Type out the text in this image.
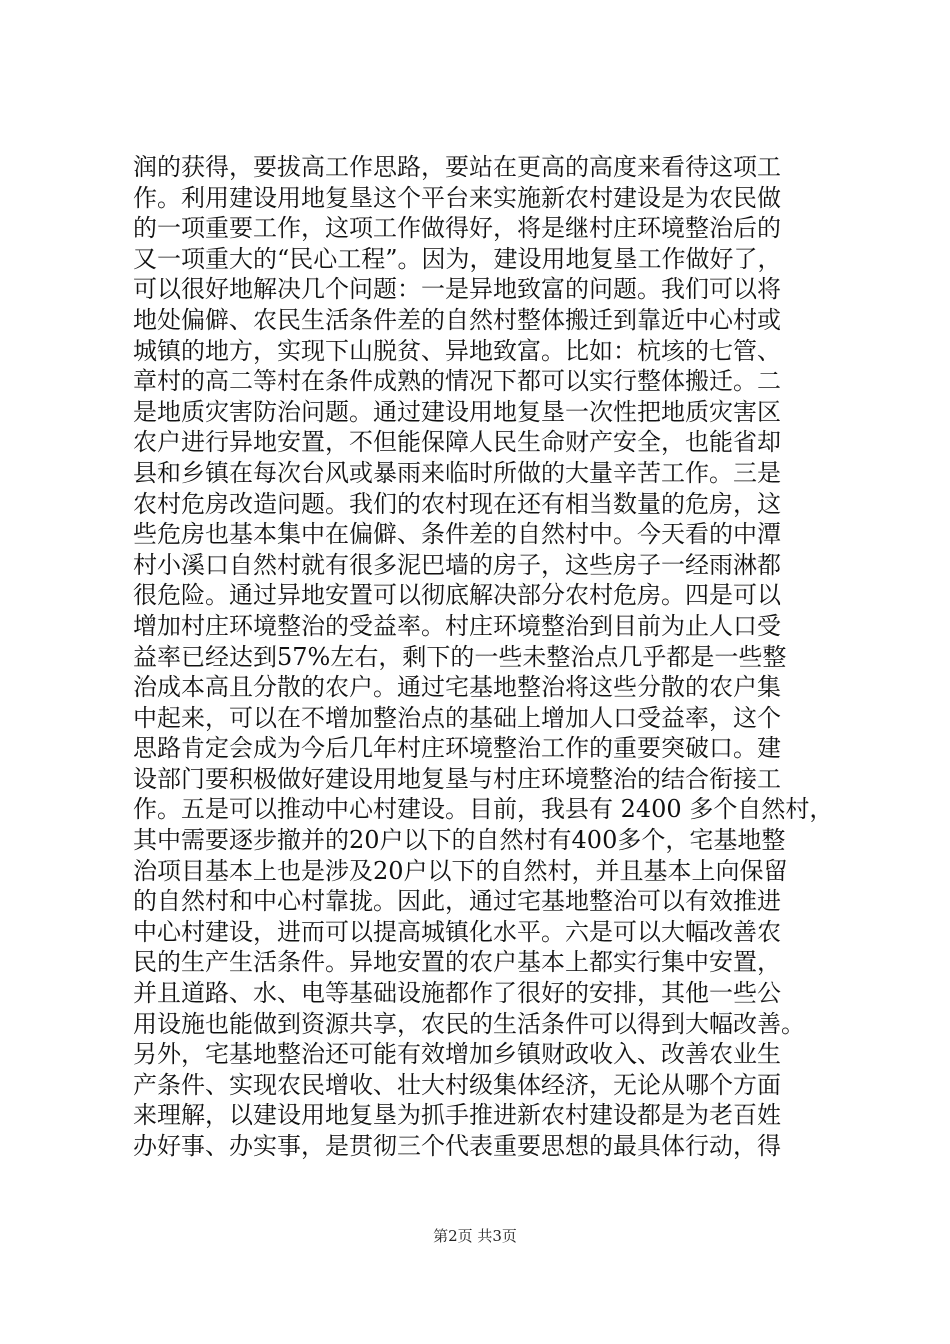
润的获得，要拔高工作思路，要站在更高的高度来看待这项工
作。利用建设用地复垦这个平台来实施新农村建设是为农民做
的一项重要工作，这项工作做得好，将是继村庄环境整治后的
又一项重大的“民心工程”。因为，建设用地复垦工作做好了，
可以很好地解决几个问题：一是异地致富的问题。我们可以将
地处偏僻、农民生活条件差的自然村整体搬迁到靠近中心村或
城镇的地方，实现下山脱贫、异地致富。比如：杭垓的七管、
章村的高二等村在条件成熟的情况下都可以实行整体搬迁。二
是地质灾害防治问题。通过建设用地复垦一次性把地质灾害区
农户进行异地安置，不但能保障人民生命财产安全，也能省却
县和乡镇在每次台风或暴雨来临时所做的大量辛苦工作。三是
农村危房改造问题。我们的农村现在还有相当数量的危房，这
些危房也基本集中在偏僻、条件差的自然村中。今天看的中潭
村小溪口自然村就有很多泥巴墙的房子，这些房子一经雨淋都
很危险。通过异地安置可以彻底解决部分农村危房。四是可以
增加村庄环境整治的受益率。村庄环境整治到目前为止人口受
益率已经达到57%左右，剩下的一些未整治点几乎都是一些整
治成本高且分散的农户。通过宅基地整治将这些分散的农户集
中起来，可以在不增加整治点的基础上增加人口受益率，这个
思路肯定会成为今后几年村庄环境整治工作的重要突破口。建
设部门要积极做好建设用地复垦与村庄环境整治的结合衔接工
作。五是可以推动中心村建设。目前，我县有 2400 多个自然村，
其中需要逐步撤并的20户以下的自然村有400多个，宅基地整
治项目基本上也是涉及20户以下的自然村，并且基本上向保留
的自然村和中心村靠拢。因此，通过宅基地整治可以有效推进
中心村建设，进而可以提高城镇化水平。六是可以大幅改善农
民的生产生活条件。异地安置的农户基本上都实行集中安置，
并且道路、水、电等基础设施都作了很好的安排，其他一些公
用设施也能做到资源共享，农民的生活条件可以得到大幅改善。
另外，宅基地整治还可能有效增加乡镇财政收入、改善农业生
产条件、实现农民增收、壮大村级集体经济，无论从哪个方面
来理解，以建设用地复垦为抓手推进新农村建设都是为老百姓
办好事、办实事，是贯彻三个代表重要思想的最具体行动，得
第2页 共3页
